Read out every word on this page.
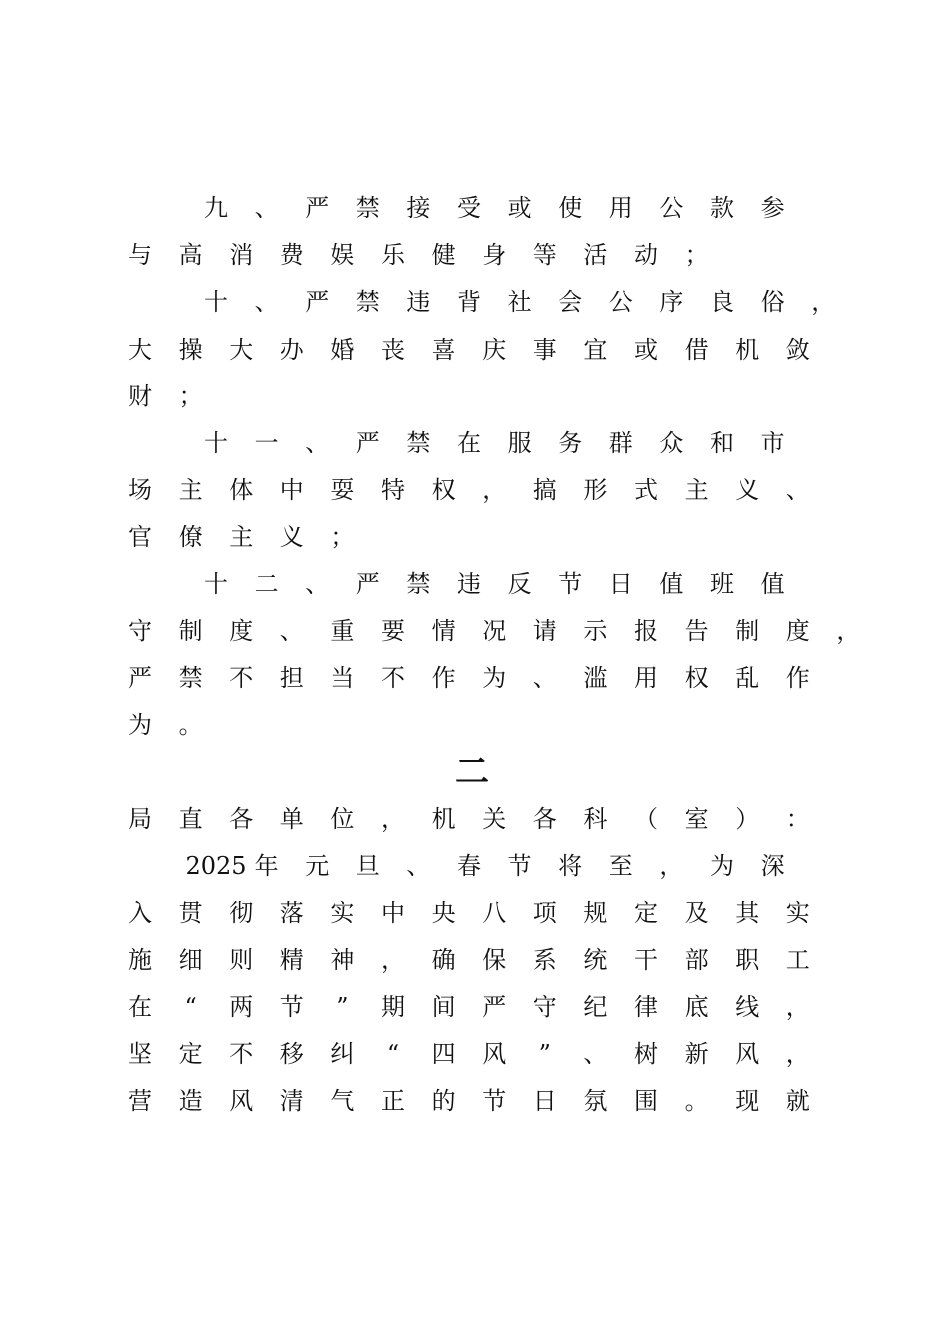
九 、 严 禁 接 受 或 使 用 公 款 参
与 高 消 费 娱 乐 健 身 等 活 动 ；
十 、 严 禁 违 背 社 会 公 序 良 俗 ，
大 操 大 办 婚 丧 喜 庆 事 宜 或 借 机 敛
财 ；
十 一 、 严 禁 在 服 务 群 众 和 市
场 主 体 中 耍 特 权 ， 搞 形 式 主 义 、
官 僚 主 义 ；
十 二 、 严 禁 违 反 节 日 值 班 值
守 制 度 、 重 要 情 况 请 示 报 告 制 度 ，
严 禁 不 担 当 不 作 为 、 滥 用 权 乱 作
为 。
局 直 各 单 位 ， 机 关 各 科 （ 室 ） ：
2025 年 元 旦 、 春 节 将 至 ， 为 深
入 贯 彻 落 实 中 央 八 项 规 定 及 其 实
施 细 则 精 神 ， 确 保 系 统 干 部 职 工
在	“	两 节	”	期 间 严 守 纪 律 底 线 ，
坚 定 不 移 纠	“	四 风	”	、 树 新 风 ，
营 造 风 清 气 正 的 节 日 氛 围 。 现 就
二
